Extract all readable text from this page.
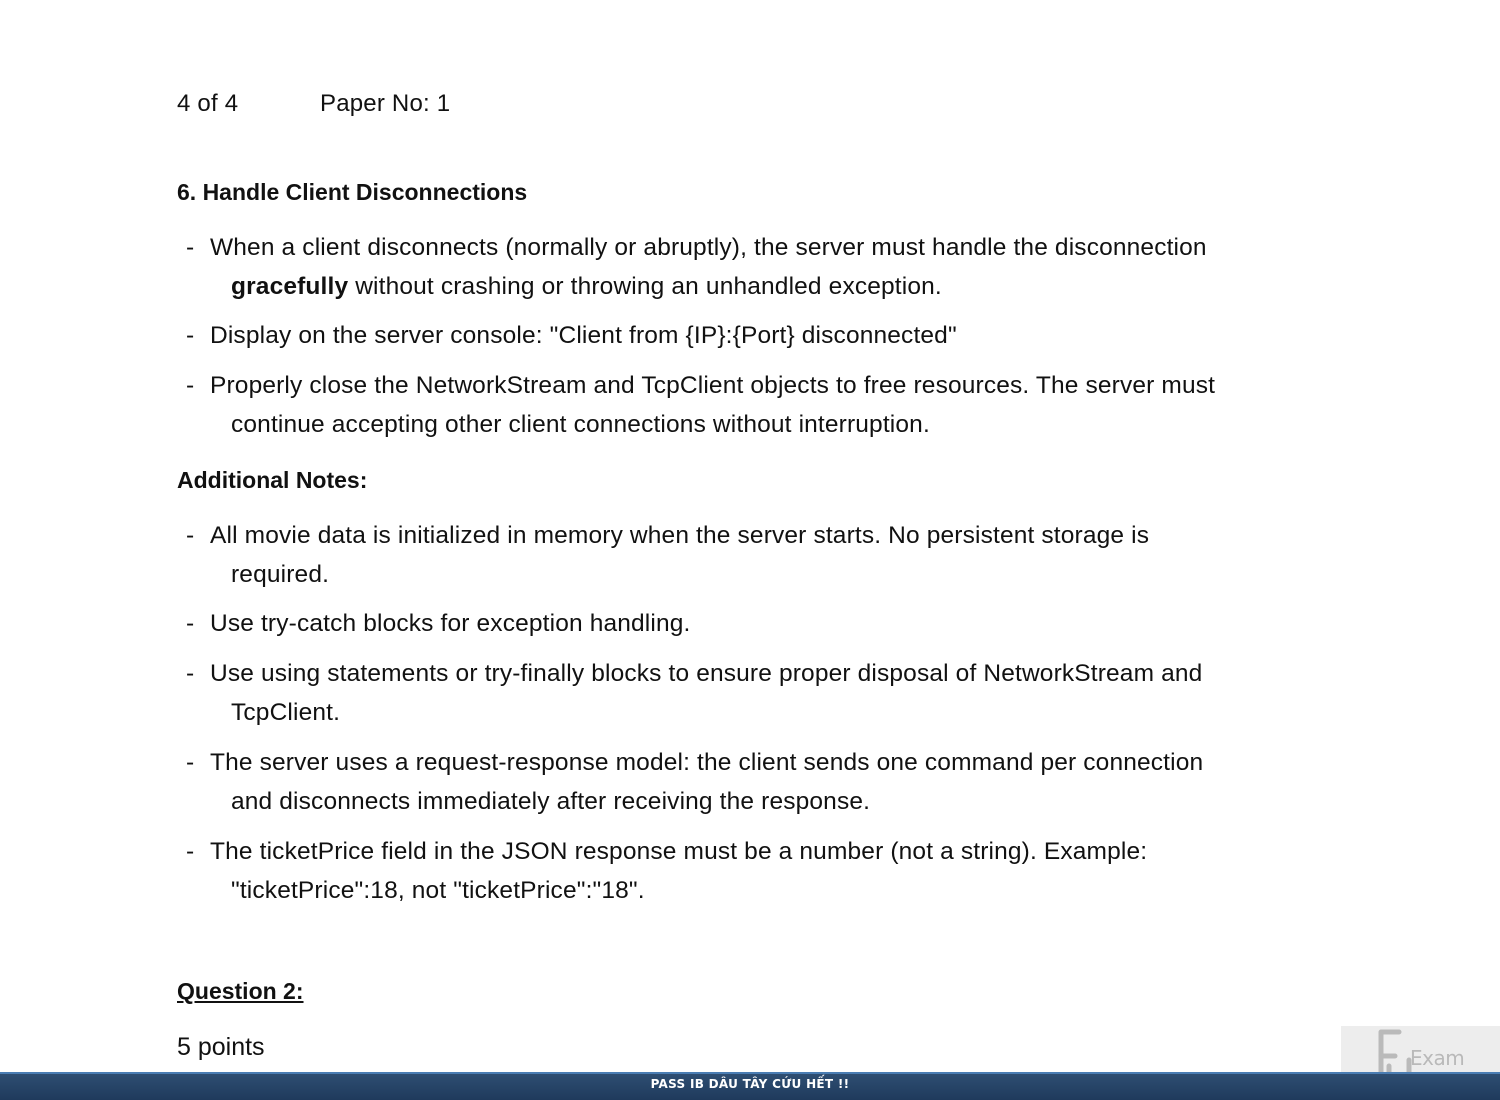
4 of 4	Paper No: 1
6. Handle Client Disconnections
- When a client disconnects (normally or abruptly), the server must handle the disconnection
gracefully without crashing or throwing an unhandled exception.
- Display on the server console: "Client from {IP}:{Port} disconnected"
- Properly close the NetworkStream and TcpClient objects to free resources. The server must
continue accepting other client connections without interruption.
Additional Notes:
- All movie data is initialized in memory when the server starts. No persistent storage is
required.
- Use try-catch blocks for exception handling.
- Use using statements or try-finally blocks to ensure proper disposal of NetworkStream and
TcpClient.
- The server uses a request-response model: the client sends one command per connection
and disconnects immediately after receiving the response.
- The ticketPrice field in the JSON response must be a number (not a string). Example:
"ticketPrice":18, not "ticketPrice":"18".
Question 2:
5 points	Exam
PASS IB DÂU TÂY CỨU HẾT !!
